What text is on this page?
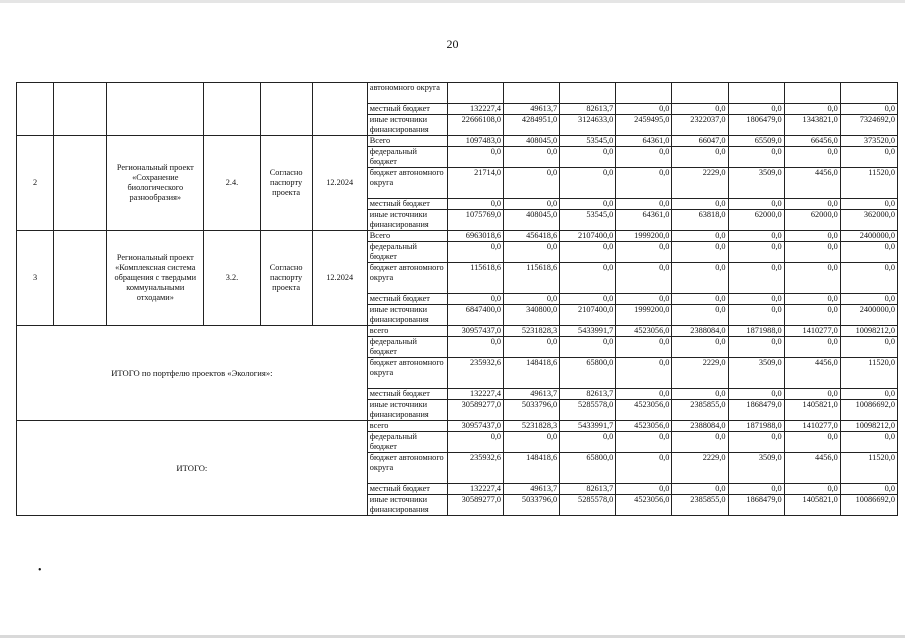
20
						автономного округа								
						местный бюджет	132227,4	49613,7	82613,7	0,0	0,0	0,0	0,0	0,0
						иные источники финансирования	22666108,0	4284951,0	3124633,0	2459495,0	2322037,0	1806479,0	1343821,0	7324692,0
2		Региональный проект «Сохранение биологического разнообразия»	2.4.	Согласно паспорту проекта	12.2024	Всего	1097483,0	408045,0	53545,0	64361,0	66047,0	65509,0	66456,0	373520,0
						федеральный бюджет	0,0	0,0	0,0	0,0	0,0	0,0	0,0	0,0
						бюджет автономного округа	21714,0	0,0	0,0	0,0	2229,0	3509,0	4456,0	11520,0
						местный бюджет	0,0	0,0	0,0	0,0	0,0	0,0	0,0	0,0
						иные источники финансирования	1075769,0	408045,0	53545,0	64361,0	63818,0	62000,0	62000,0	362000,0
3		Региональный проект «Комплексная система обращения с твердыми коммунальными отходами»	3.2.	Согласно паспорту проекта	12.2024	Всего	6963018,6	456418,6	2107400,0	1999200,0	0,0	0,0	0,0	2400000,0
						федеральный бюджет	0,0	0,0	0,0	0,0	0,0	0,0	0,0	0,0
						бюджет автономного округа	115618,6	115618,6	0,0	0,0	0,0	0,0	0,0	0,0
						местный бюджет	0,0	0,0	0,0	0,0	0,0	0,0	0,0	0,0
						иные источники финансирования	6847400,0	340800,0	2107400,0	1999200,0	0,0	0,0	0,0	2400000,0
ИТОГО по портфелю проектов «Экология»:						всего	30957437,0	5231828,3	5433991,7	4523056,0	2388084,0	1871988,0	1410277,0	10098212,0
						федеральный бюджет	0,0	0,0	0,0	0,0	0,0	0,0	0,0	0,0
						бюджет автономного округа	235932,6	148418,6	65800,0	0,0	2229,0	3509,0	4456,0	11520,0
						местный бюджет	132227,4	49613,7	82613,7	0,0	0,0	0,0	0,0	0,0
						иные источники финансирования	30589277,0	5033796,0	5285578,0	4523056,0	2385855,0	1868479,0	1405821,0	10086692,0
ИТОГО:						всего	30957437,0	5231828,3	5433991,7	4523056,0	2388084,0	1871988,0	1410277,0	10098212,0
						федеральный бюджет	0,0	0,0	0,0	0,0	0,0	0,0	0,0	0,0
						бюджет автономного округа	235932,6	148418,6	65800,0	0,0	2229,0	3509,0	4456,0	11520,0
						местный бюджет	132227,4	49613,7	82613,7	0,0	0,0	0,0	0,0	0,0
						иные источники финансирования	30589277,0	5033796,0	5285578,0	4523056,0	2385855,0	1868479,0	1405821,0	10086692,0
•
